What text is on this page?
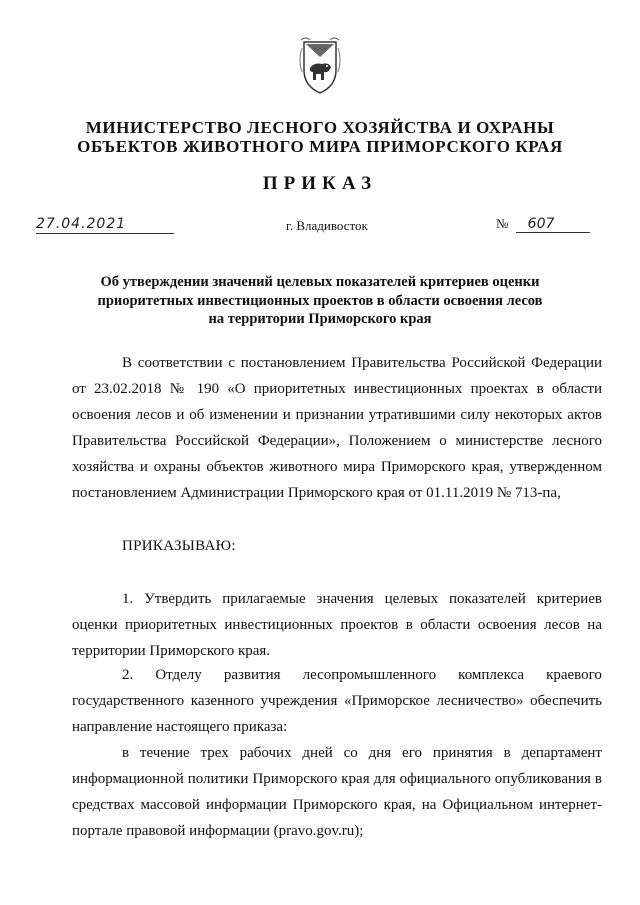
МИНИСТЕРСТВО ЛЕСНОГО ХОЗЯЙСТВА И ОХРАНЫ
ОБЪЕКТОВ ЖИВОТНОГО МИРА ПРИМОРСКОГО КРАЯ
ПРИКАЗ
27.04.2021	г. Владивосток	№ 607
Об утверждении значений целевых показателей критериев оценки
приоритетных инвестиционных проектов в области освоения лесов
на территории Приморского края
В соответствии с постановлением Правительства Российской Федерации от 23.02.2018 № 190 «О приоритетных инвестиционных проектах в области освоения лесов и об изменении и признании утратившими силу некоторых актов Правительства Российской Федерации», Положением о министерстве лесного хозяйства и охраны объектов животного мира Приморского края, утвержденном постановлением Администрации Приморского края от 01.11.2019 № 713-па,
ПРИКАЗЫВАЮ:
1. Утвердить прилагаемые значения целевых показателей критериев оценки приоритетных инвестиционных проектов в области освоения лесов на территории Приморского края.
2. Отделу развития лесопромышленного комплекса краевого
государственного казенного учреждения «Приморское лесничество» обеспечить направление настоящего приказа:
в течение трех рабочих дней со дня его принятия в департамент информационной политики Приморского края для официального опубликования в средствах массовой информации Приморского края, на Официальном интернет-портале правовой информации (pravo.gov.ru);
